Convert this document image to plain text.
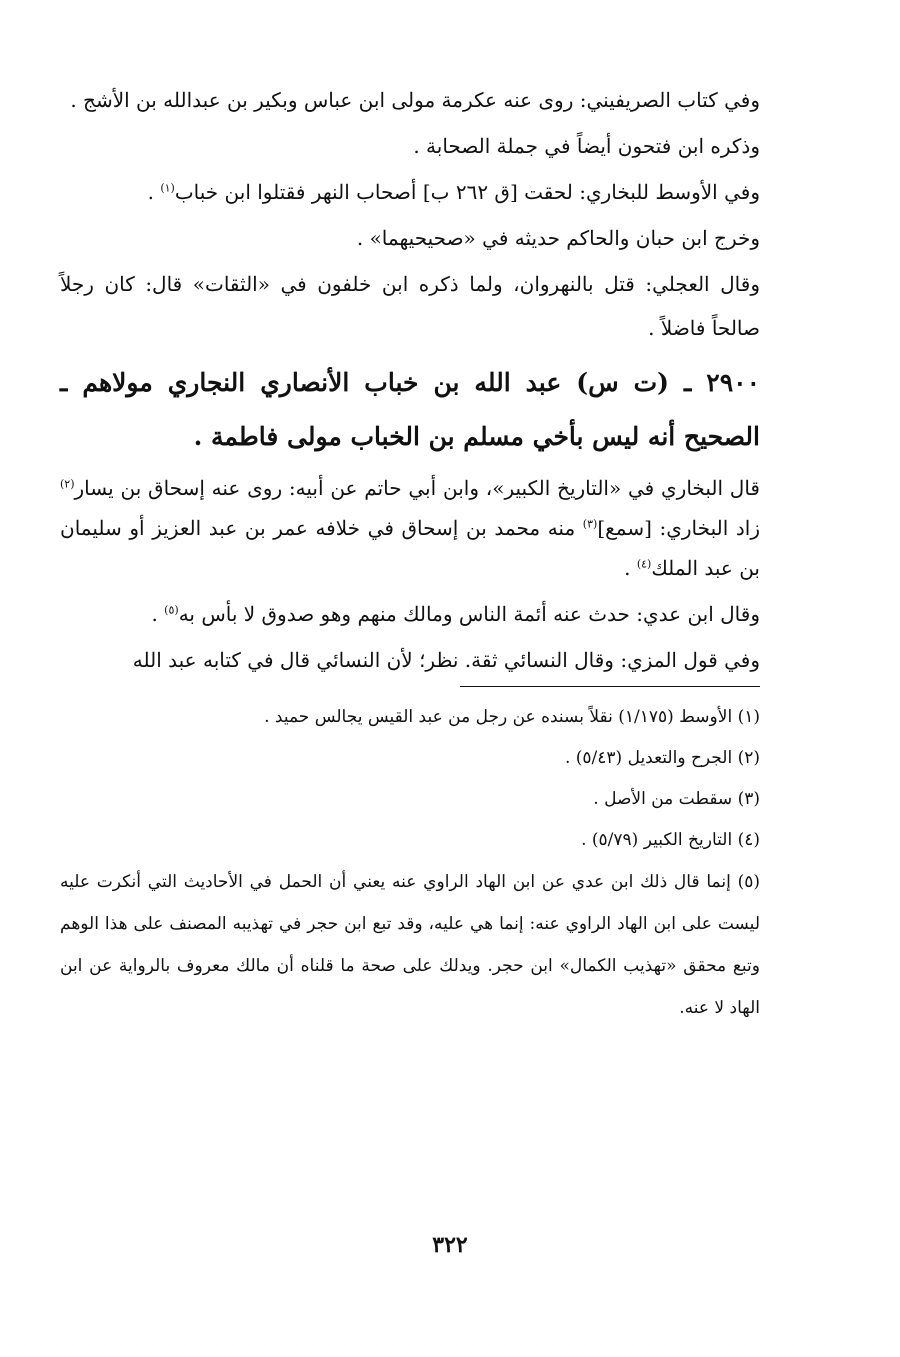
وفي كتاب الصريفيني: روى عنه عكرمة مولى ابن عباس وبكير بن عبدالله بن الأشج .

وذكره ابن فتحون أيضاً في جملة الصحابة .

وفي الأوسط للبخاري: لحقت [ق ٢٦٢ ب] أصحاب النهر فقتلوا ابن خباب$^{(١)}$ .

وخرج ابن حبان والحاكم حديثه في «صحيحيهما» .

وقال العجلي: قتل بالنهروان، ولما ذكره ابن خلفون في «الثقات» قال: كان رجلاً صالحاً فاضلاً .

٢٩٠٠ ـ (ت س) عبد الله بن خباب الأنصاري النجاري مولاهم ـ الصحيح أنه ليس بأخي مسلم بن الخباب مولى فاطمة .

قال البخاري في «التاريخ الكبير»، وابن أبي حاتم عن أبيه: روى عنه إسحاق بن يسار$^{(٢)}$ زاد البخاري: [سمع]$^{(٣)}$ منه محمد بن إسحاق في خلافه عمر بن عبد العزيز أو سليمان بن عبد الملك$^{(٤)}$ .

وقال ابن عدي: حدث عنه أئمة الناس ومالك منهم وهو صدوق لا بأس به$^{(٥)}$ .

وفي قول المزي: وقال النسائي ثقة. نظر؛ لأن النسائي قال في كتابه عبد الله

(١) الأوسط (١/١٧٥) نقلاً بسنده عن رجل من عبد القيس يجالس حميد .

(٢) الجرح والتعديل (٥/٤٣) .

(٣) سقطت من الأصل .

(٤) التاريخ الكبير (٥/٧٩) .

(٥) إنما قال ذلك ابن عدي عن ابن الهاد الراوي عنه يعني أن الحمل في الأحاديث التي أنكرت عليه ليست على ابن الهاد الراوي عنه: إنما هي عليه، وقد تبع ابن حجر في تهذيبه المصنف على هذا الوهم وتبع محقق «تهذيب الكمال» ابن حجر. ويدلك على صحة ما قلناه أن مالك معروف بالرواية عن ابن الهاد لا عنه.

٣٢٢
